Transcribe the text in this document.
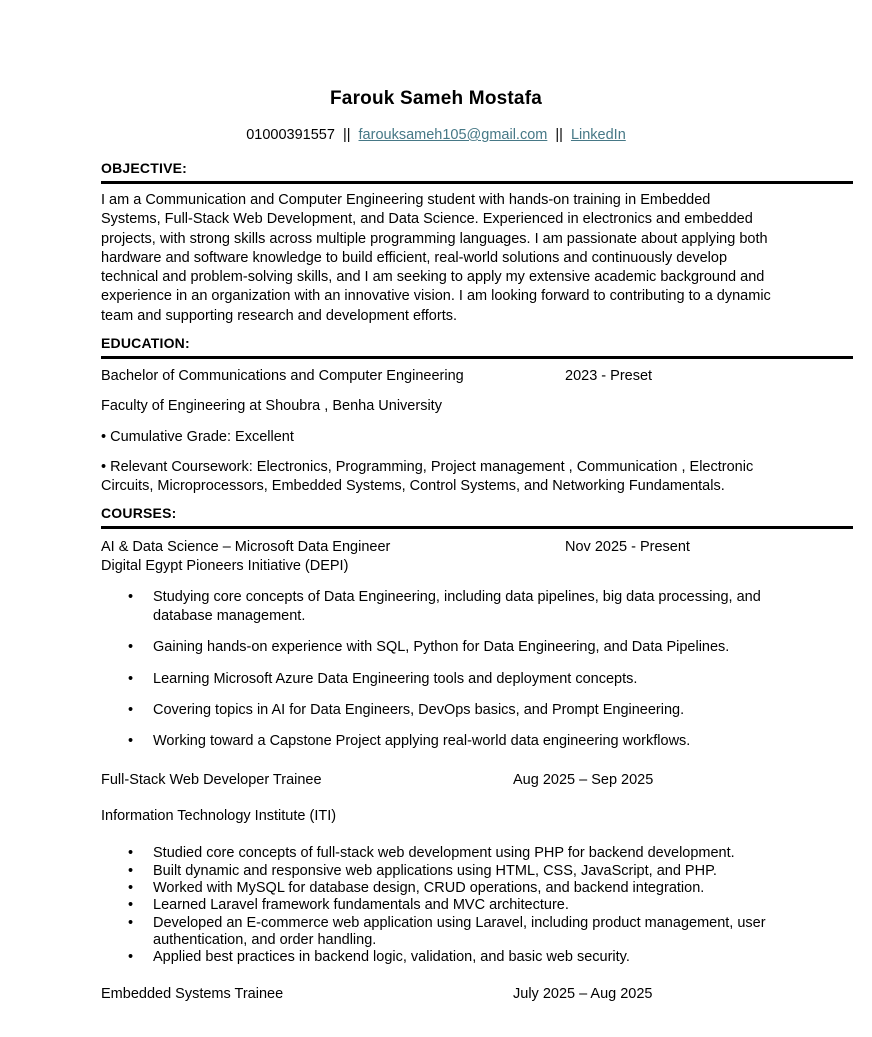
Farouk Sameh Mostafa
01000391557 || farouksameh105@gmail.com || LinkedIn
OBJECTIVE:
I am a Communication and Computer Engineering student with hands-on training in Embedded Systems, Full-Stack Web Development, and Data Science. Experienced in electronics and embedded projects, with strong skills across multiple programming languages. I am passionate about applying both hardware and software knowledge to build efficient, real-world solutions and continuously develop technical and problem-solving skills, and I am seeking to apply my extensive academic background and experience in an organization with an innovative vision. I am looking forward to contributing to a dynamic team and supporting research and development efforts.
EDUCATION:
Bachelor of Communications and Computer Engineering	2023 - Preset
Faculty of Engineering at Shoubra , Benha University
• Cumulative Grade: Excellent
• Relevant Coursework: Electronics, Programming, Project management , Communication , Electronic Circuits, Microprocessors, Embedded Systems, Control Systems, and Networking Fundamentals.
COURSES:
AI & Data Science – Microsoft Data Engineer	Nov 2025 - Present
Digital Egypt Pioneers Initiative (DEPI)
• Studying core concepts of Data Engineering, including data pipelines, big data processing, and database management.
• Gaining hands-on experience with SQL, Python for Data Engineering, and Data Pipelines.
• Learning Microsoft Azure Data Engineering tools and deployment concepts.
• Covering topics in AI for Data Engineers, DevOps basics, and Prompt Engineering.
• Working toward a Capstone Project applying real-world data engineering workflows.
Full-Stack Web Developer Trainee	Aug 2025 – Sep 2025
Information Technology Institute (ITI)
• Studied core concepts of full-stack web development using PHP for backend development.
• Built dynamic and responsive web applications using HTML, CSS, JavaScript, and PHP.
• Worked with MySQL for database design, CRUD operations, and backend integration.
• Learned Laravel framework fundamentals and MVC architecture.
• Developed an E-commerce web application using Laravel, including product management, user authentication, and order handling.
• Applied best practices in backend logic, validation, and basic web security.
Embedded Systems Trainee	July 2025 – Aug 2025
